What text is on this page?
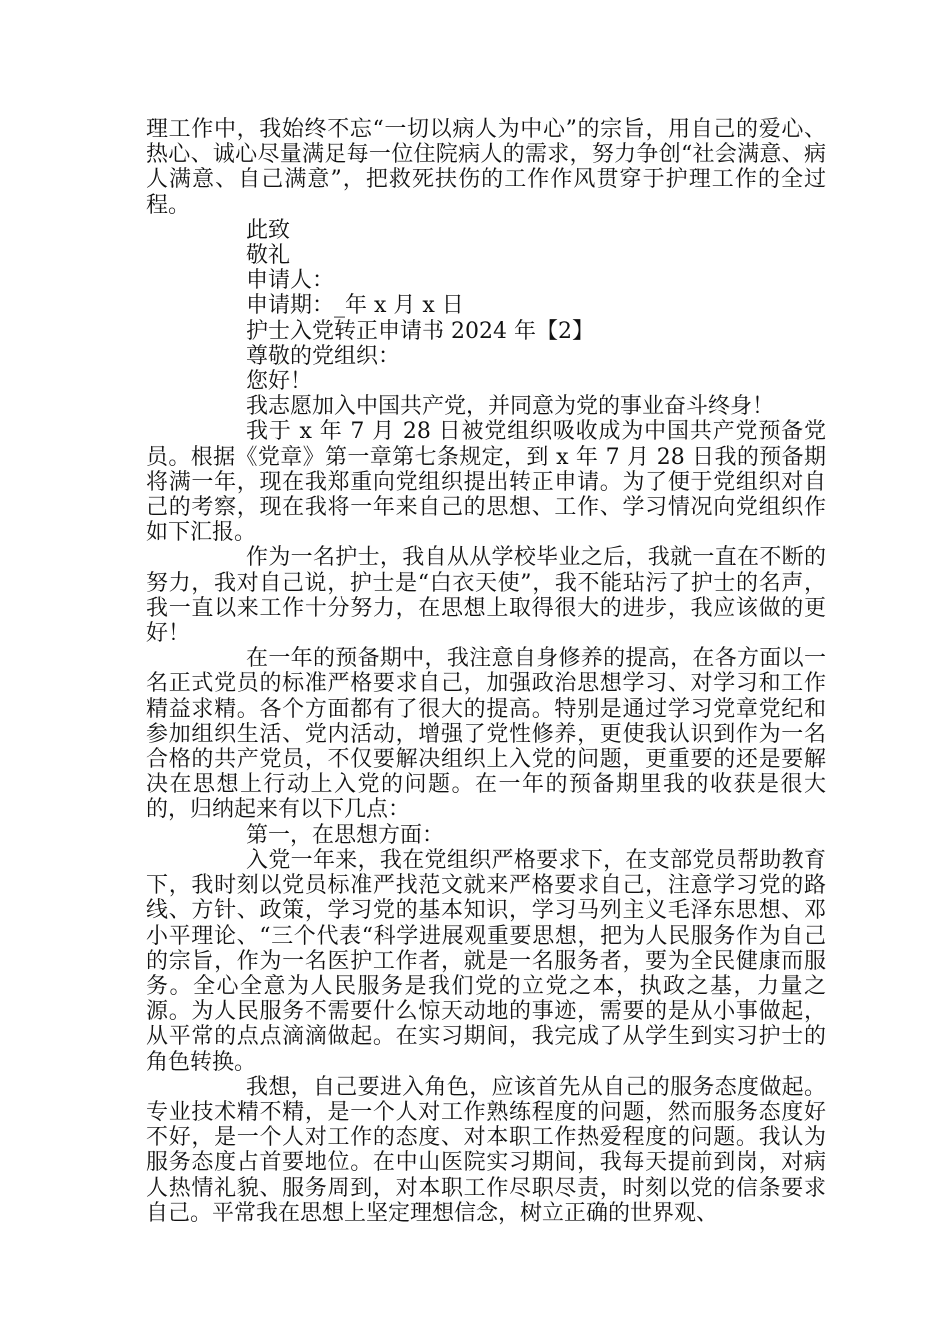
理工作中，我始终不忘“一切以病人为中心”的宗旨，用自己的爱心、热心、诚心尽量满足每一位住院病人的需求，努力争创“社会满意、病人满意、自己满意”，把救死扶伤的工作作风贯穿于护理工作的全过程。

此致

敬礼

申请人：

申请期：_年 x 月 x 日

护士入党转正申请书 2024 年【2】

尊敬的党组织：

您好！

我志愿加入中国共产党，并同意为党的事业奋斗终身！

我于 x 年 7 月 28 日被党组织吸收成为中国共产党预备党员。根据《党章》第一章第七条规定，到 x 年 7 月 28 日我的预备期将满一年，现在我郑重向党组织提出转正申请。为了便于党组织对自己的考察，现在我将一年来自己的思想、工作、学习情况向党组织作如下汇报。

作为一名护士，我自从从学校毕业之后，我就一直在不断的努力，我对自己说，护士是“白衣天使”，我不能玷污了护士的名声，我一直以来工作十分努力，在思想上取得很大的进步，我应该做的更好！

在一年的预备期中，我注意自身修养的提高，在各方面以一名正式党员的标准严格要求自己，加强政治思想学习、对学习和工作精益求精。各个方面都有了很大的提高。特别是通过学习党章党纪和参加组织生活、党内活动，增强了党性修养，更使我认识到作为一名合格的共产党员，不仅要解决组织上入党的问题，更重要的还是要解决在思想上行动上入党的问题。在一年的预备期里我的收获是很大的，归纳起来有以下几点：

第一，在思想方面：

入党一年来，我在党组织严格要求下，在支部党员帮助教育下，我时刻以党员标准严找范文就来严格要求自己，注意学习党的路线、方针、政策，学习党的基本知识，学习马列主义毛泽东思想、邓小平理论、“三个代表“科学进展观重要思想，把为人民服务作为自己的宗旨，作为一名医护工作者，就是一名服务者，要为全民健康而服务。全心全意为人民服务是我们党的立党之本，执政之基，力量之源。为人民服务不需要什么惊天动地的事迹，需要的是从小事做起，从平常的点点滴滴做起。在实习期间，我完成了从学生到实习护士的角色转换。

我想，自己要进入角色，应该首先从自己的服务态度做起。专业技术精不精，是一个人对工作熟练程度的问题，然而服务态度好不好，是一个人对工作的态度、对本职工作热爱程度的问题。我认为服务态度占首要地位。在中山医院实习期间，我每天提前到岗，对病人热情礼貌、服务周到，对本职工作尽职尽责，时刻以党的信条要求自己。平常我在思想上坚定理想信念，树立正确的世界观、
